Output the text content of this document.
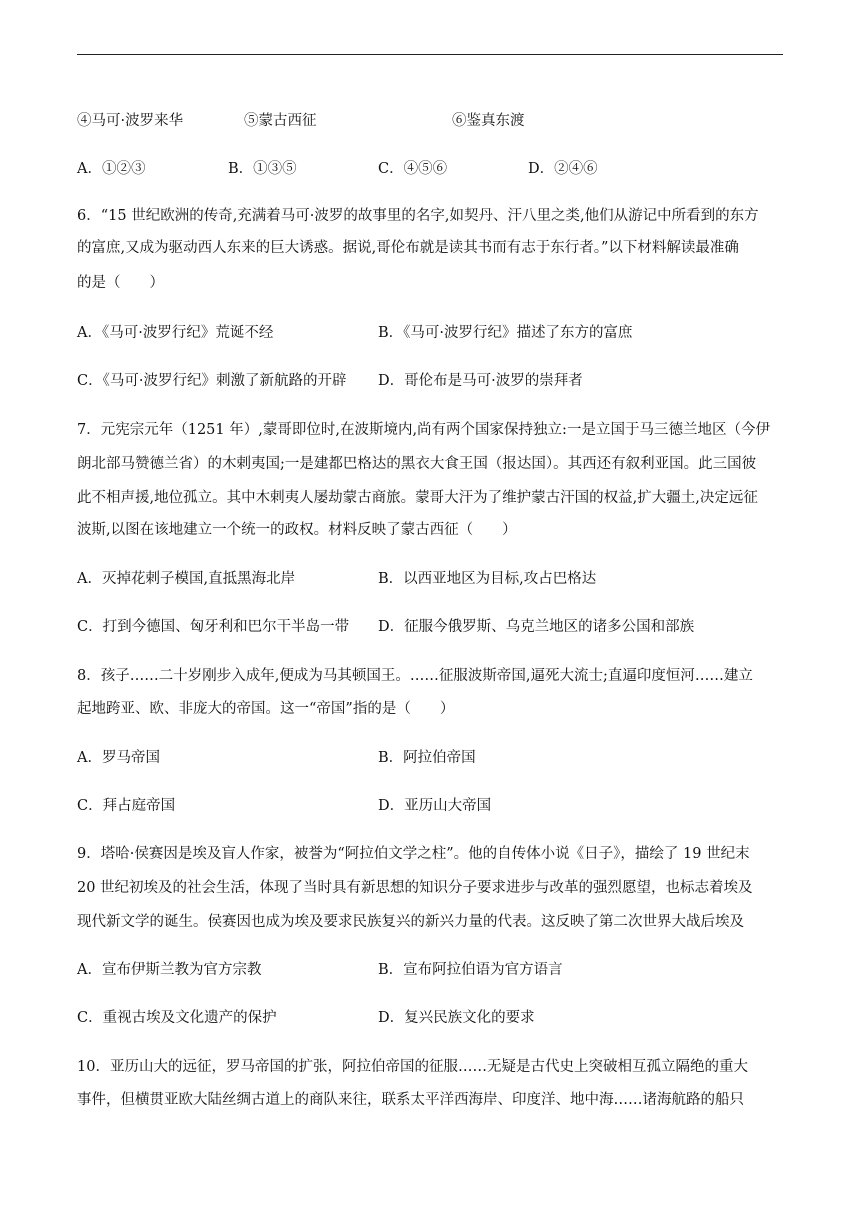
④马可·波罗来华	⑤蒙古西征	⑥鉴真东渡
A．①②③	B．①③⑤	C．④⑤⑥	D．②④⑥
6．“15 世纪欧洲的传奇,充满着马可·波罗的故事里的名字,如契丹、汗八里之类,他们从游记中所看到的东方
的富庶,又成为驱动西人东来的巨大诱惑。据说,哥伦布就是读其书而有志于东行者。”以下材料解读最准确
的是（　　）
A．《马可·波罗行纪》荒诞不经	B．《马可·波罗行纪》描述了东方的富庶
C．《马可·波罗行纪》刺激了新航路的开辟 D．哥伦布是马可·波罗的崇拜者
7．元宪宗元年（1251 年）,蒙哥即位时,在波斯境内,尚有两个国家保持独立:一是立国于马三德兰地区（今伊
朗北部马赞德兰省）的木剌夷国;一是建都巴格达的黑衣大食王国（报达国）。其西还有叙利亚国。此三国彼
此不相声援,地位孤立。其中木剌夷人屡劫蒙古商旅。蒙哥大汗为了维护蒙古汗国的权益,扩大疆土,决定远征
波斯,以图在该地建立一个统一的政权。材料反映了蒙古西征（　　）
A．灭掉花剌子模国,直抵黑海北岸	B．以西亚地区为目标,攻占巴格达
C．打到今德国、匈牙利和巴尔干半岛一带 D．征服今俄罗斯、乌克兰地区的诸多公国和部族
8．孩子……二十岁刚步入成年,便成为马其顿国王。……征服波斯帝国,逼死大流士;直逼印度恒河……建立
起地跨亚、欧、非庞大的帝国。这一“帝国”指的是（　　）
A．罗马帝国	B．阿拉伯帝国
C．拜占庭帝国	D．亚历山大帝国
9．塔哈·侯赛因是埃及盲人作家，被誉为“阿拉伯文学之柱”。他的自传体小说《日子》，描绘了 19 世纪末
20 世纪初埃及的社会生活，体现了当时具有新思想的知识分子要求进步与改革的强烈愿望，也标志着埃及
现代新文学的诞生。侯赛因也成为埃及要求民族复兴的新兴力量的代表。这反映了第二次世界大战后埃及
A．宣布伊斯兰教为官方宗教	B．宣布阿拉伯语为官方语言
C．重视古埃及文化遗产的保护	D．复兴民族文化的要求
10．亚历山大的远征，罗马帝国的扩张，阿拉伯帝国的征服……无疑是古代史上突破相互孤立隔绝的重大
事件，但横贯亚欧大陆丝绸古道上的商队来往，联系太平洋西海岸、印度洋、地中海……诸海航路的船只
